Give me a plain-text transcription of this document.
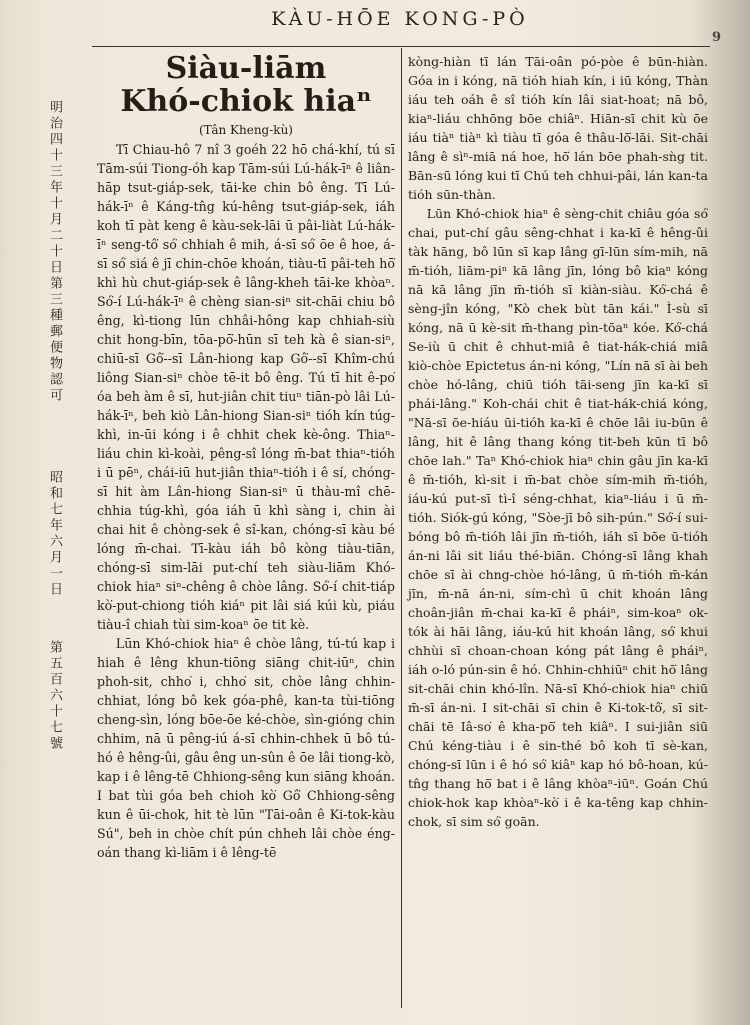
KÀU-HŌE KONG-PÒ
9
明治四十三年十月二十日第三種郵便物認可
昭和七年六月一日
第五百六十七號
Siàu-liām
Khó-chiok hiaⁿ
(Tân Kheng-kù)

Tī Chiau-hô 7 nî 3 goéh 22 hō chá-khí, tú sī Tām-súi Tiong-óh kap Tām-súi Lú-hák-īⁿ ê liân-hāp tsut-giáp-sek, tāi-ke chin bô êng. Tī Lú-hák-īⁿ ê Káng-tn̂g kú-hêng tsut-giáp-sek, iáh koh tī pàt keng ê kàu-sek-lāi ū pâi-liàt Lú-hák-īⁿ seng-tô͘ só͘ chhiah ê mih, á-sī só͘ ōe ê hoe, á-sī só͘ siá ê jī chin-chōe khoán, tiàu-tī pâi-teh hō͘ khì hù chut-giáp-sek ê lâng-kheh tāi-ke khòaⁿ. Só͘-í Lú-hák-īⁿ ê chèng sian-siⁿ sit-chāi chiu bô êng, kì-tiong lūn chhâi-hông kap chhiah-siù chit hong-bīn, tōa-pō͘-hūn sī teh kà ê sian-siⁿ, chiū-sī Gô͘--sī Lân-hiong kap Gô͘--sī Khîm-chú liông Sian-siⁿ chòe tē-it bô êng. Tú tī hit ê-po͘ óa beh àm ê sī, hut-jiân chit tiuⁿ tiān-pò lâi Lú-hák-īⁿ, beh kiò Lân-hiong Sian-siⁿ tióh kín túg-khì, in-ūi kóng i ê chhit chek kè-ông. Thiaⁿ-liáu chin kì-koài, pêng-sî lóng m̄-bat thiaⁿ-tióh i ū pēⁿ, chái-iū hut-jiân thiaⁿ-tióh i ê sí, chóng-sī hit àm Lân-hiong Sian-siⁿ ū thàu-mî chē-chhia túg-khì, góa iáh ū khì sàng i, chin ài chai hit ê chòng-sek ê sî-kan, chóng-sī kàu bé lóng m̄-chai. Tī-kàu iáh bô kòng tiàu-tiān, chóng-sī sim-lāi put-chí teh siàu-liām Khó-chiok hiaⁿ siⁿ-chêng ê chòe lâng. Só͘-í chit-tiáp kò͘-put-chiong tióh kiáⁿ pit lâi siá kúi kù, piáu tiàu-î chiah tùi sim-koaⁿ ōe tit kè.

Lūn Khó-chiok hiaⁿ ê chòe lâng, tú-tú kap i hiah ê lêng khun-tiōng siāng chit-iūⁿ, chin phoh-sit, chho͘ i, chho͘ sit, chòe lâng chhin-chhiat, lóng bô kek góa-phê, kan-ta tùi-tiōng cheng-sìn, lóng bōe-ōe ké-chòe, sìn-gióng chin chhim, nā ū pêng-iú á-sī chhin-chhek ū bô tú-hó ê hêng-ûi, gâu êng un-sûn ê ōe lâi tiong-kò, kap i ê lêng-tē Chhiong-sêng kun siāng khoán. I bat tùi góa beh chioh kò͘ Gô͘ Chhiong-sêng kun ê ūi-chok, hit tè lūn "Tāi-oân ê Ki-tok-kàu Sú", beh in chòe chít pún chheh lâi chòe éng-oán thang kì-liām i ê lêng-tē

kòng-hiàn tī lán Tāi-oân pó-pòe ê būn-hiàn. Góa in i kóng, nā tióh hiah kín, i iū kóng, Thàn iáu teh oáh ê sî tióh kín lâi siat-hoat; nā bô, kiaⁿ-liáu chhōng bōe chiâⁿ. Hiān-sī chit kù ōe iáu tiàⁿ tiàⁿ kì tiàu tī góa ê thâu-lō͘-lāi. Sit-chāi lâng ê sìⁿ-miā ná hoe, hō͘ lán bōe phah-sǹg tit. Bān-sū lóng kui tī Chú teh chhui-pâi, lán kan-ta tióh sūn-thàn.

Lūn Khó-chiok hiaⁿ ê sèng-chit chiâu góa só͘ chai, put-chí gâu sêng-chhat i ka-kī ê hêng-ûi tàk hāng, bô lūn sī kap lâng gī-lūn sím-mih, nā m̄-tióh, liām-piⁿ kā lâng jīn, lóng bô kiaⁿ kóng nā kā lâng jīn m̄-tióh sī kiàn-siàu. Kó͘-chá ê sèng-jîn kóng, "Kò chek bùt tān kái." Ì-sù sī kóng, nā ū kè-sit m̄-thang pìn-tōaⁿ kóe. Kó͘-chá Se-iù ū chit ê chhut-miâ ê tiat-hák-chiá miâ kiò-chòe Epictetus án-ni kóng, "Lín nā sī ài beh chòe hó-lâng, chiū tióh tāi-seng jīn ka-kī sī phái-lâng." Koh-chái chit ê tiat-hák-chiá kóng, "Nā-sī ōe-hiáu ūi-tióh ka-kī ê chōe lâi iu-būn ê lâng, hit ê lâng thang kóng tit-beh kūn tī bô chōe lah." Taⁿ Khó-chiok hiaⁿ chin gâu jīn ka-kī ê m̄-tióh, kì-sit i m̄-bat chòe sím-mih m̄-tióh, iáu-kú put-sī tì-î séng-chhat, kiaⁿ-liáu i ū m̄-tióh. Siók-gú kóng, "Sòe-jī bô sih-pún." Só͘-í sui-bóng bô m̄-tióh lâi jīn m̄-tióh, iáh sī bōe ū-tióh án-ni lâi sit liáu thé-biān. Chóng-sī lâng khah chōe sī ài chng-chòe hó-lâng, ū m̄-tióh m̄-kán jīn, m̄-nā án-ni, sím-chì ū chit khoán lâng choân-jiân m̄-chai ka-kī ê pháiⁿ, sim-koaⁿ ok-tók ài hāi lâng, iáu-kú hit khoán lâng, só͘ khui chhùi sī choan-choan kóng pát lâng ê pháiⁿ, iáh o-ló pún-sin ê hó. Chhin-chhiūⁿ chit hō͘ lâng sit-chāi chin khó-lîn. Nā-sī Khó-chiok hiaⁿ chiū m̄-sī án-ni. I sit-chāi sī chin ê Ki-tok-tô͘, sī sit-chāi tē Iâ-so͘ ê kha-pō͘ teh kiâⁿ. I sui-jiân siū Chú kéng-tiàu i ê sin-thé bô koh tī sè-kan, chóng-sī lūn i ê hó só͘ kiâⁿ kap hó bô-hoan, kú-tn̂g thang hō͘ bat i ê lâng khòaⁿ-iūⁿ. Goán Chú chiok-hok kap khòaⁿ-kò͘ i ê ka-têng kap chhin-chok, sī sim só͘ goān.
